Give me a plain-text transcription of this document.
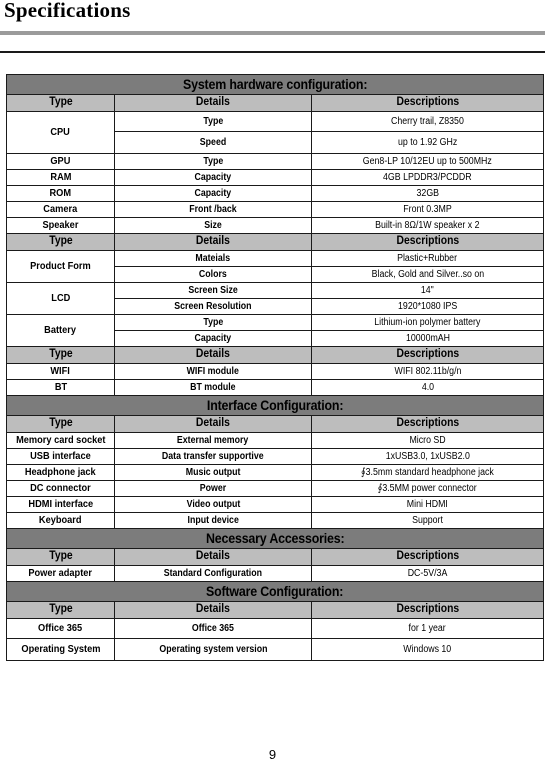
Specifications
System hardware configuration:		
Type	Details	Descriptions
CPU	Type	Cherry trail, Z8350
	Speed	up to 1.92 GHz
GPU	Type	Gen8-LP 10/12EU up to 500MHz
RAM	Capacity	4GB LPDDR3/PCDDR
ROM	Capacity	32GB
Camera	Front /back	Front 0.3MP
Speaker	Size	Built-in 8Ω/1W speaker x 2
Type	Details	Descriptions
Product Form	Mateials	Plastic+Rubber
	Colors	Black, Gold and Silver..so on
LCD	Screen Size	14"
	Screen Resolution	1920*1080 IPS
Battery	Type	Lithium-ion polymer battery
	Capacity	10000mAH
Type	Details	Descriptions
WIFI	WIFI module	WIFI 802.11b/g/n
BT	BT module	4.0
Interface Configuration:		
Type	Details	Descriptions
Memory card socket	External memory	Micro SD
USB interface	Data transfer supportive	1xUSB3.0, 1xUSB2.0
Headphone jack	Music output	∮3.5mm standard headphone jack
DC connector	Power	∮3.5MM power connector
HDMI interface	Video output	Mini HDMI
Keyboard	Input device	Support
Necessary Accessories:		
Type	Details	Descriptions
Power adapter	Standard Configuration	DC-5V/3A
Software Configuration:		
Type	Details	Descriptions
Office 365	Office 365	for 1 year
Operating System	Operating system version	Windows 10
9
